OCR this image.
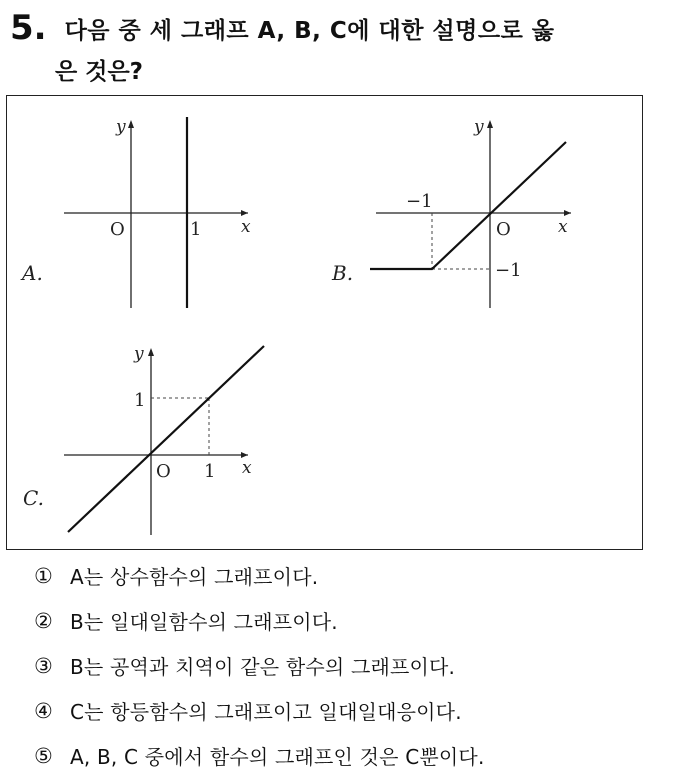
5. 다음 중 세 그래프 A, B, C에 대한 설명으로 옳
은 것은?
y
x
O	1
A.
y
x
O
−1
−1
B.
y
x
O 1
1
C.
① A는 상수함수의 그래프이다.
② B는 일대일함수의 그래프이다.
③ B는 공역과 치역이 같은 함수의 그래프이다.
④ C는 항등함수의 그래프이고 일대일대응이다.
⑤ A, B, C 중에서 함수의 그래프인 것은 C뿐이다.
